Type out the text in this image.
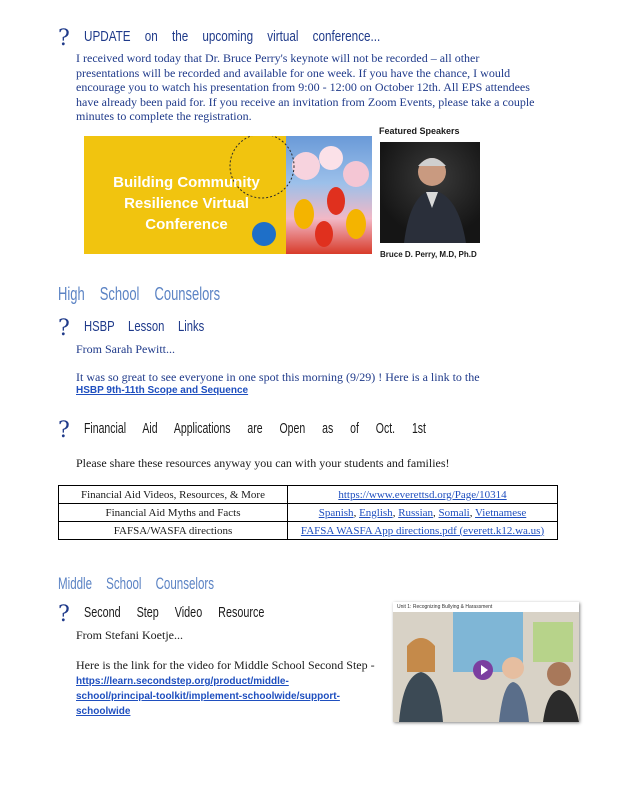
? UPDATE on the upcoming virtual conference...
I received word today that Dr. Bruce Perry's keynote will not be recorded – all other
presentations will be recorded and available for one week. If you have the chance, I would
encourage you to watch his presentation from 9:00 - 12:00 on October 12th. All EPS attendees
have already been paid for. If you receive an invitation from Zoom Events, please take a couple
minutes to complete the registration.
Building Community
Resilience Virtual
Conference
Featured Speakers
Bruce D. Perry, M.D, Ph.D
High School Counselors
? HSBP Lesson Links
From Sarah Pewitt...
It was so great to see everyone in one spot this morning (9/29) ! Here is a link to the
HSBP 9th-11th Scope and Sequence
? Financial Aid Applications are Open as of Oct. 1st
Please share these resources anyway you can with your students and families!
Financial Aid Videos, Resources, & More	https://www.everettsd.org/Page/10314
Financial Aid Myths and Facts	Spanish, English, Russian, Somali, Vietnamese
FAFSA/WASFA directions	FAFSA WASFA App directions.pdf (everett.k12.wa.us)
Middle School Counselors
? Second Step Video Resource
From Stefani Koetje...
Here is the link for the video for Middle School Second Step -
https://learn.secondstep.org/product/middle-
school/principal-toolkit/implement-schoolwide/support-
schoolwide
Unit 1: Recognizing Bullying & Harassment
